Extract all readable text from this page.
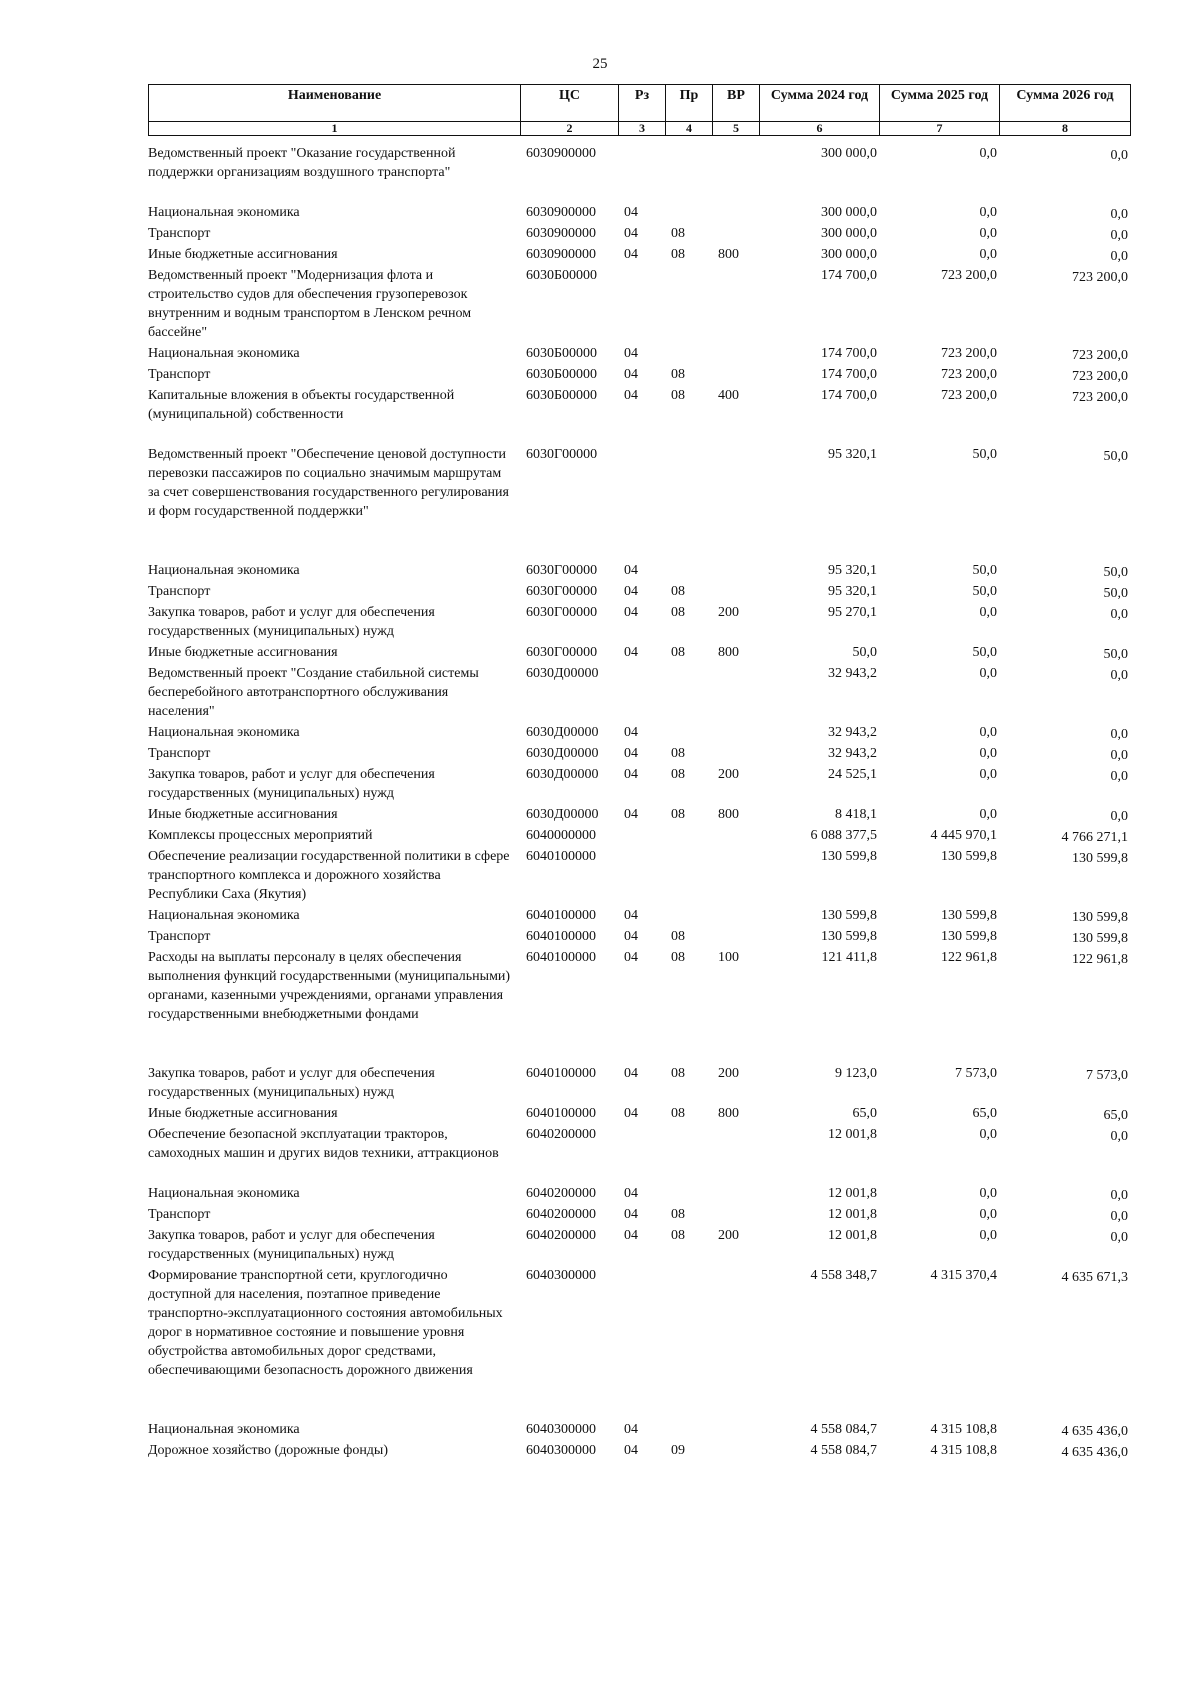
25
Наименование	ЦС	Рз	Пр	ВР	Сумма 2024 год	Сумма 2025 год	Сумма 2026 год
1	2	3	4	5	6	7	8
Ведомственный проект "Оказание государственной поддержки организациям воздушного транспорта"	6030900000				300 000,0	0,0	0,0
Национальная экономика	6030900000	04			300 000,0	0,0	0,0
Транспорт	6030900000	04	08		300 000,0	0,0	0,0
Иные бюджетные ассигнования	6030900000	04	08	800	300 000,0	0,0	0,0
Ведомственный проект "Модернизация флота и строительство судов для обеспечения грузоперевозок внутренним и водным транспортом в Ленском речном бассейне"	6030Б00000				174 700,0	723 200,0	723 200,0
Национальная экономика	6030Б00000	04			174 700,0	723 200,0	723 200,0
Транспорт	6030Б00000	04	08		174 700,0	723 200,0	723 200,0
Капитальные вложения в объекты государственной (муниципальной) собственности	6030Б00000	04	08	400	174 700,0	723 200,0	723 200,0
Ведомственный проект "Обеспечение ценовой доступности перевозки пассажиров по социально значимым маршрутам за счет совершенствования государственного регулирования и форм государственной поддержки"	6030Г00000				95 320,1	50,0	50,0
Национальная экономика	6030Г00000	04			95 320,1	50,0	50,0
Транспорт	6030Г00000	04	08		95 320,1	50,0	50,0
Закупка товаров, работ и услуг для обеспечения государственных (муниципальных) нужд	6030Г00000	04	08	200	95 270,1	0,0	0,0
Иные бюджетные ассигнования	6030Г00000	04	08	800	50,0	50,0	50,0
Ведомственный проект "Создание стабильной системы бесперебойного автотранспортного обслуживания населения"	6030Д00000				32 943,2	0,0	0,0
Национальная экономика	6030Д00000	04			32 943,2	0,0	0,0
Транспорт	6030Д00000	04	08		32 943,2	0,0	0,0
Закупка товаров, работ и услуг для обеспечения государственных (муниципальных) нужд	6030Д00000	04	08	200	24 525,1	0,0	0,0
Иные бюджетные ассигнования	6030Д00000	04	08	800	8 418,1	0,0	0,0
Комплексы процессных мероприятий	6040000000				6 088 377,5	4 445 970,1	4 766 271,1
Обеспечение реализации государственной политики в сфере транспортного комплекса и дорожного хозяйства Республики Саха (Якутия)	6040100000				130 599,8	130 599,8	130 599,8
Национальная экономика	6040100000	04			130 599,8	130 599,8	130 599,8
Транспорт	6040100000	04	08		130 599,8	130 599,8	130 599,8
Расходы на выплаты персоналу в целях обеспечения выполнения функций государственными (муниципальными) органами, казенными учреждениями, органами управления государственными внебюджетными фондами	6040100000	04	08	100	121 411,8	122 961,8	122 961,8
Закупка товаров, работ и услуг для обеспечения государственных (муниципальных) нужд	6040100000	04	08	200	9 123,0	7 573,0	7 573,0
Иные бюджетные ассигнования	6040100000	04	08	800	65,0	65,0	65,0
Обеспечение безопасной эксплуатации тракторов, самоходных машин и других видов техники, аттракционов	6040200000				12 001,8	0,0	0,0
Национальная экономика	6040200000	04			12 001,8	0,0	0,0
Транспорт	6040200000	04	08		12 001,8	0,0	0,0
Закупка товаров, работ и услуг для обеспечения государственных (муниципальных) нужд	6040200000	04	08	200	12 001,8	0,0	0,0
Формирование транспортной сети, круглогодично доступной для населения, поэтапное приведение транспортно-эксплуатационного состояния автомобильных дорог в нормативное состояние и повышение уровня обустройства автомобильных дорог средствами, обеспечивающими безопасность дорожного движения	6040300000				4 558 348,7	4 315 370,4	4 635 671,3
Национальная экономика	6040300000	04			4 558 084,7	4 315 108,8	4 635 436,0
Дорожное хозяйство (дорожные фонды)	6040300000	04	09		4 558 084,7	4 315 108,8	4 635 436,0
